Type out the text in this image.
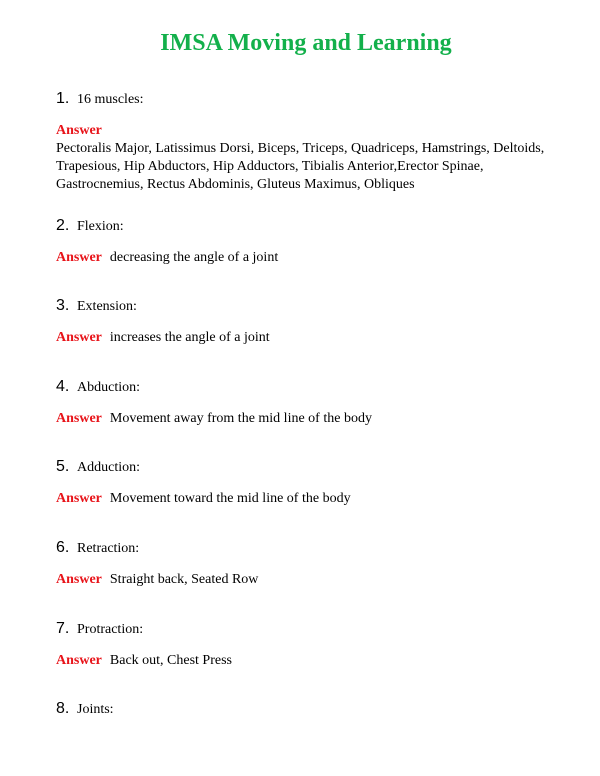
IMSA Moving and Learning
1. 16 muscles:
Answer
Pectoralis Major, Latissimus Dorsi, Biceps, Triceps, Quadriceps, Hamstrings, Deltoids,
Trapesious, Hip Abductors, Hip Adductors, Tibialis Anterior,Erector Spinae,
Gastrocnemius, Rectus Abdominis, Gluteus Maximus, Obliques
2. Flexion:
Answer decreasing the angle of a joint
3. Extension:
Answer increases the angle of a joint
4. Abduction:
Answer Movement away from the mid line of the body
5. Adduction:
Answer Movement toward the mid line of the body
6. Retraction:
Answer Straight back, Seated Row
7. Protraction:
Answer Back out, Chest Press
8. Joints:
